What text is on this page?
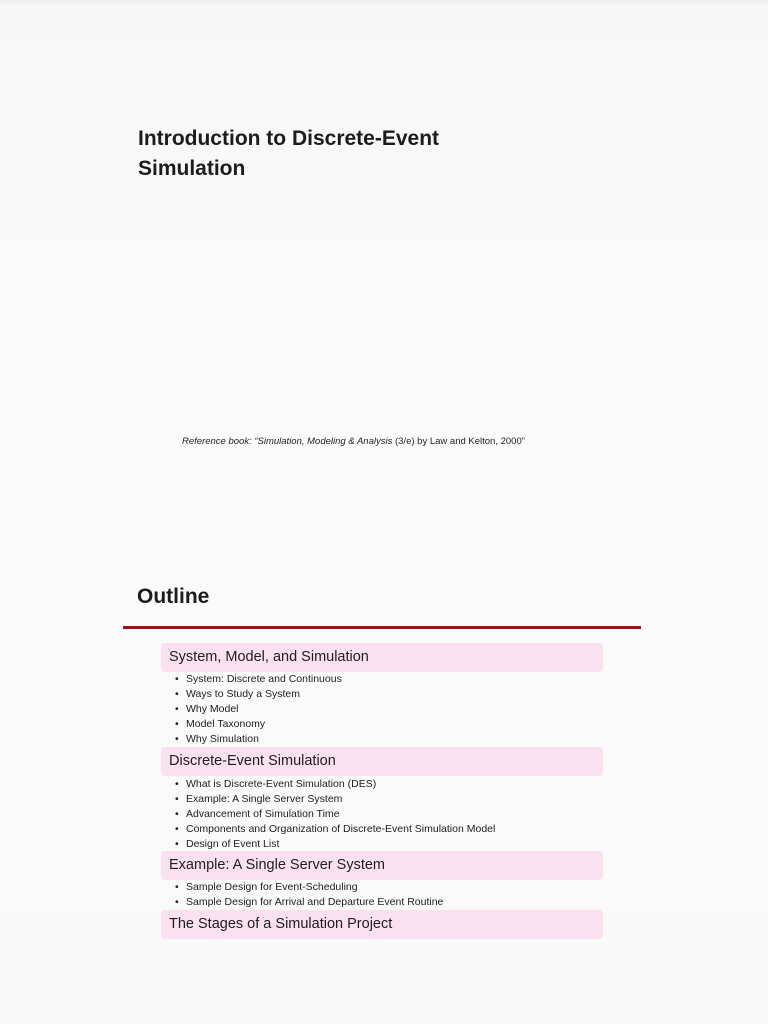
Introduction to Discrete-Event
Simulation
Reference book: “Simulation, Modeling & Analysis (3/e) by Law and Kelton, 2000”
Outline
System, Model, and Simulation
• System: Discrete and Continuous
• Ways to Study a System
• Why Model
• Model Taxonomy
• Why Simulation
Discrete-Event Simulation
• What is Discrete-Event Simulation (DES)
• Example: A Single Server System
• Advancement of Simulation Time
• Components and Organization of Discrete-Event Simulation Model
• Design of Event List
Example: A Single Server System
• Sample Design for Event-Scheduling
• Sample Design for Arrival and Departure Event Routine
The Stages of a Simulation Project
